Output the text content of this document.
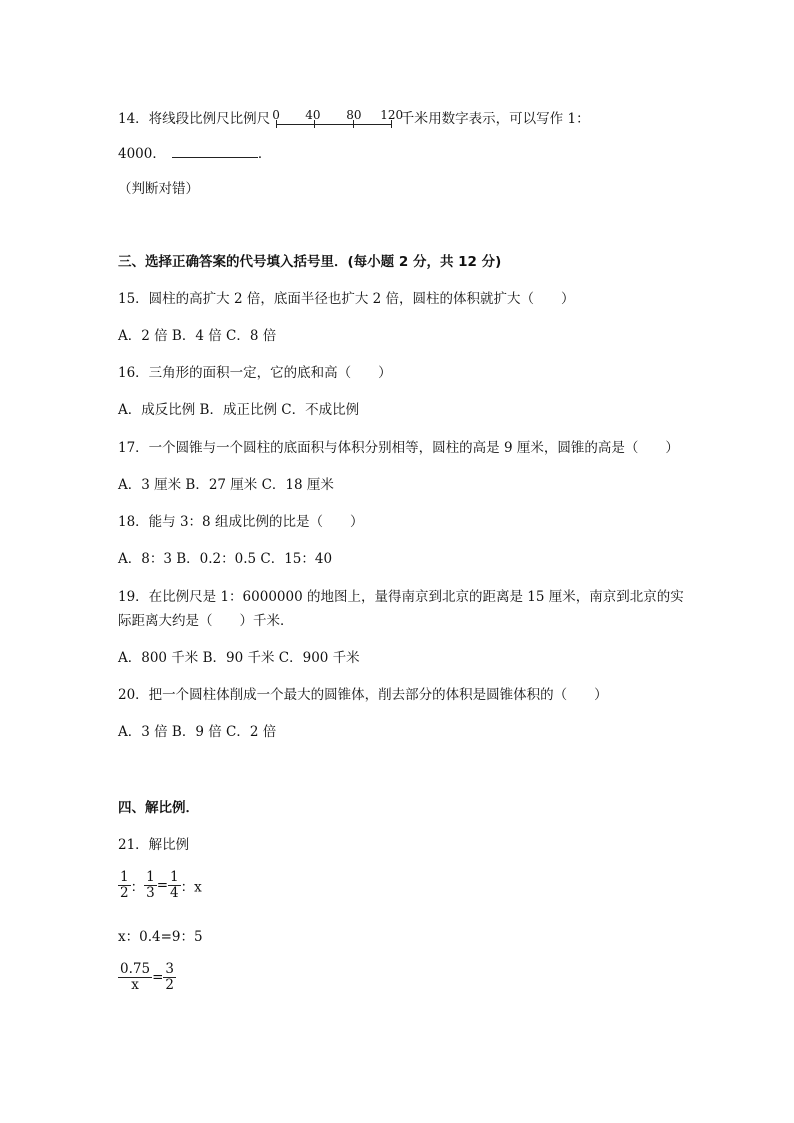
14．将线段比例尺比例尺 0 40 80 120
千米用数字表示，可以写作 1：
4000．	．
（判断对错）
三、选择正确答案的代号填入括号里．(每小题 2 分，共 12 分)
15．圆柱的高扩大 2 倍，底面半径也扩大 2 倍，圆柱的体积就扩大（　　）
A．2 倍 B．4 倍 C．8 倍
16．三角形的面积一定，它的底和高（　　）
A．成反比例 B．成正比例 C．不成比例
17．一个圆锥与一个圆柱的底面积与体积分别相等，圆柱的高是 9 厘米，圆锥的高是（　　）
A．3 厘米 B．27 厘米 C．18 厘米
18．能与 3：8 组成比例的比是（　　）
A．8：3 B．0.2：0.5 C．15：40
19．在比例尺是 1：6000000 的地图上，量得南京到北京的距离是 15 厘米，南京到北京的实
际距离大约是（　　）千米．
A．800 千米 B．90 千米 C．900 千米
20．把一个圆柱体削成一个最大的圆锥体，削去部分的体积是圆锥体积的（　　）
A．3 倍 B．9 倍 C．2 倍
四、解比例．
21．解比例
$\frac{1}{2}$ ： $\frac{1}{3} = \frac{1}{4}$ ：x
x：0.4=9：5
$\frac{0.75}{x} = \frac{3}{2}$
